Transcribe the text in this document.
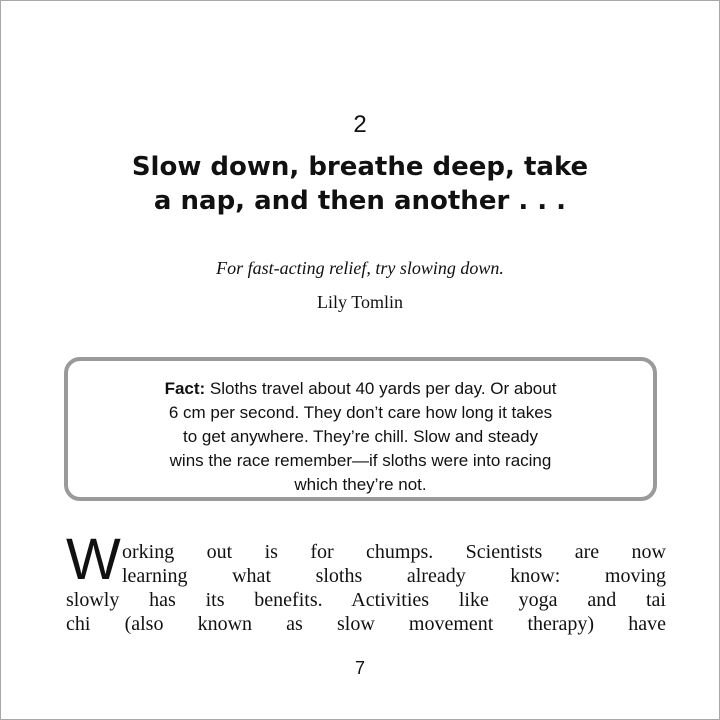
2
Slow down, breathe deep, take
a nap, and then another . . .
For fast-acting relief, try slowing down.
Lily Tomlin
Fact: Sloths travel about 40 yards per day. Or about
6 cm per second. They don’t care how long it takes
to get anywhere. They’re chill. Slow and steady
wins the race remember—if sloths were into racing
which they’re not.
W orking out is for chumps. Scientists are now
learning what sloths already know: moving
slowly has its benefits. Activities like yoga and tai
chi (also known as slow movement therapy) have
7
